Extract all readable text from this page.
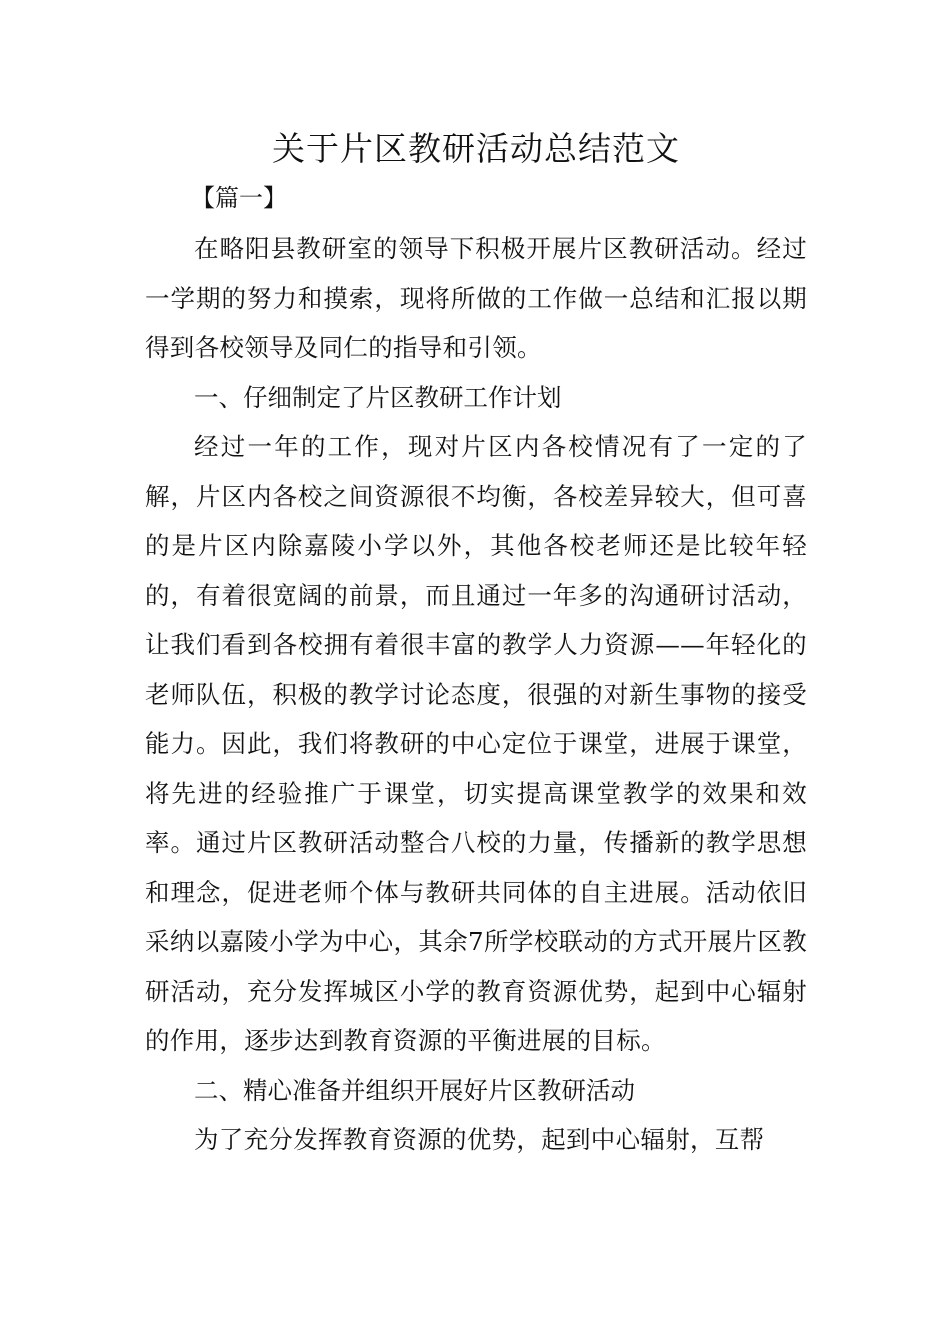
关于片区教研活动总结范文
【篇一】

在略阳县教研室的领导下积极开展片区教研活动。经过一学期的努力和摸索，现将所做的工作做一总结和汇报以期得到各校领导及同仁的指导和引领。

一、仔细制定了片区教研工作计划

经过一年的工作，现对片区内各校情况有了一定的了解，片区内各校之间资源很不均衡，各校差异较大，但可喜的是片区内除嘉陵小学以外，其他各校老师还是比较年轻的，有着很宽阔的前景，而且通过一年多的沟通研讨活动，让我们看到各校拥有着很丰富的教学人力资源——年轻化的老师队伍，积极的教学讨论态度，很强的对新生事物的接受能力。因此，我们将教研的中心定位于课堂，进展于课堂，将先进的经验推广于课堂，切实提高课堂教学的效果和效率。通过片区教研活动整合八校的力量，传播新的教学思想和理念，促进老师个体与教研共同体的自主进展。活动依旧采纳以嘉陵小学为中心，其余7所学校联动的方式开展片区教研活动，充分发挥城区小学的教育资源优势，起到中心辐射的作用，逐步达到教育资源的平衡进展的目标。

二、精心准备并组织开展好片区教研活动

为了充分发挥教育资源的优势，起到中心辐射，互帮
